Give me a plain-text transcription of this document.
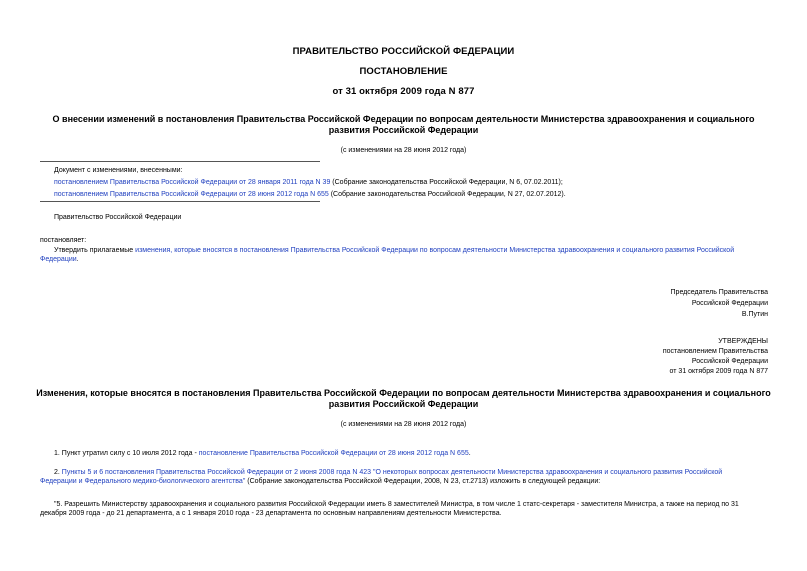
ПРАВИТЕЛЬСТВО РОССИЙСКОЙ ФЕДЕРАЦИИ
ПОСТАНОВЛЕНИЕ
от 31 октября 2009 года N 877

О внесении изменений в постановления Правительства Российской Федерации по вопросам деятельности Министерства здравоохранения и социального

развития Российской Федерации

(с изменениями на 28 июня 2012 года)

Документ с изменениями, внесенными:

постановлением Правительства Российской Федерации от 28 января 2011 года N 39 (Собрание законодательства Российской Федерации, N 6, 07.02.2011);

постановлением Правительства Российской Федерации от 28 июня 2012 года N 655 (Собрание законодательства Российской Федерации, N 27, 02.07.2012).

Правительство Российской Федерации
постановляет:

Утвердить прилагаемые изменения, которые вносятся в постановления Правительства Российской Федерации по вопросам деятельности Министерства здравоохранения и социального развития Российской

Федерации.

Председатель Правительства

Российской Федерации

В.Путин

УТВЕРЖДЕНЫ

постановлением Правительства

Российской Федерации

от 31 октября 2009 года N 877

Изменения, которые вносятся в постановления Правительства Российской Федерации по вопросам деятельности Министерства здравоохранения и социального

развития Российской Федерации

(с изменениями на 28 июня 2012 года)
1. Пункт утратил силу с 10 июля 2012 года - постановление Правительства Российской Федерации от 28 июня 2012 года N 655.

2. Пункты 5 и 6 постановления Правительства Российской Федерации от 2 июня 2008 года N 423 "О некоторых вопросах деятельности Министерства здравоохранения и социального развития Российской

Федерации и Федерального медико-биологического агентства" (Собрание законодательства Российской Федерации, 2008, N 23, ст.2713) изложить в следующей редакции:

"5. Разрешить Министерству здравоохранения и социального развития Российской Федерации иметь 8 заместителей Министра, в том числе 1 статс-секретаря - заместителя Министра, а также на период по 31

декабря 2009 года - до 21 департамента, а с 1 января 2010 года - 23 департамента по основным направлениям деятельности Министерства.
